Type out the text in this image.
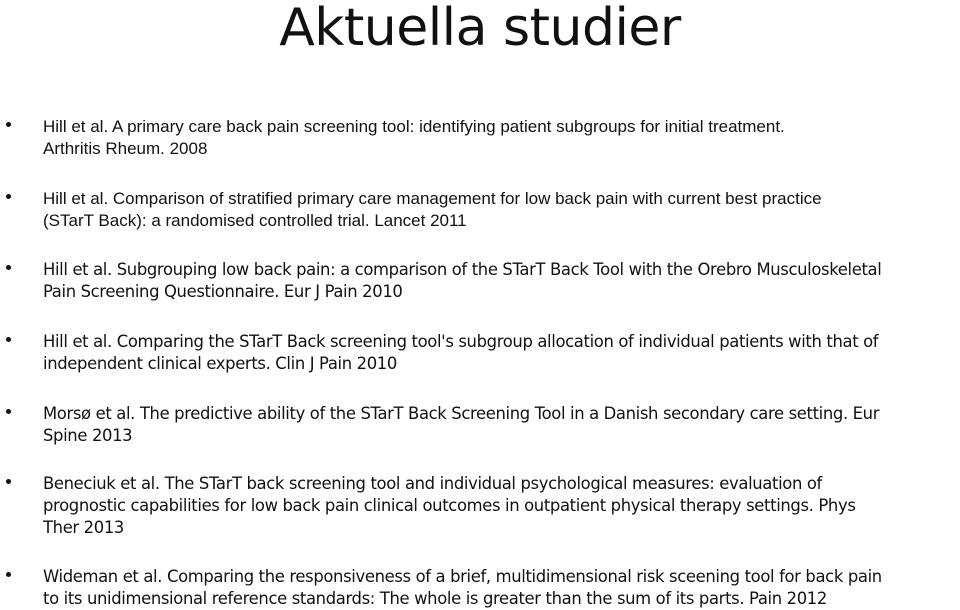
Aktuella studier
Hill et al. A primary care back pain screening tool: identifying patient subgroups for initial treatment.
Arthritis Rheum. 2008
Hill et al. Comparison of stratified primary care management for low back pain with current best practice
(STarT Back): a randomised controlled trial. Lancet 2011
Hill et al. Subgrouping low back pain: a comparison of the STarT Back Tool with the Orebro Musculoskeletal
Pain Screening Questionnaire. Eur J Pain 2010
Hill et al. Comparing the STarT Back screening tool's subgroup allocation of individual patients with that of
independent clinical experts. Clin J Pain 2010
Morsø et al. The predictive ability of the STarT Back Screening Tool in a Danish secondary care setting. Eur
Spine 2013
Beneciuk et al. The STarT back screening tool and individual psychological measures: evaluation of
prognostic capabilities for low back pain clinical outcomes in outpatient physical therapy settings. Phys
Ther 2013
Wideman et al. Comparing the responsiveness of a brief, multidimensional risk sceening tool for back pain
to its unidimensional reference standards: The whole is greater than the sum of its parts. Pain 2012
